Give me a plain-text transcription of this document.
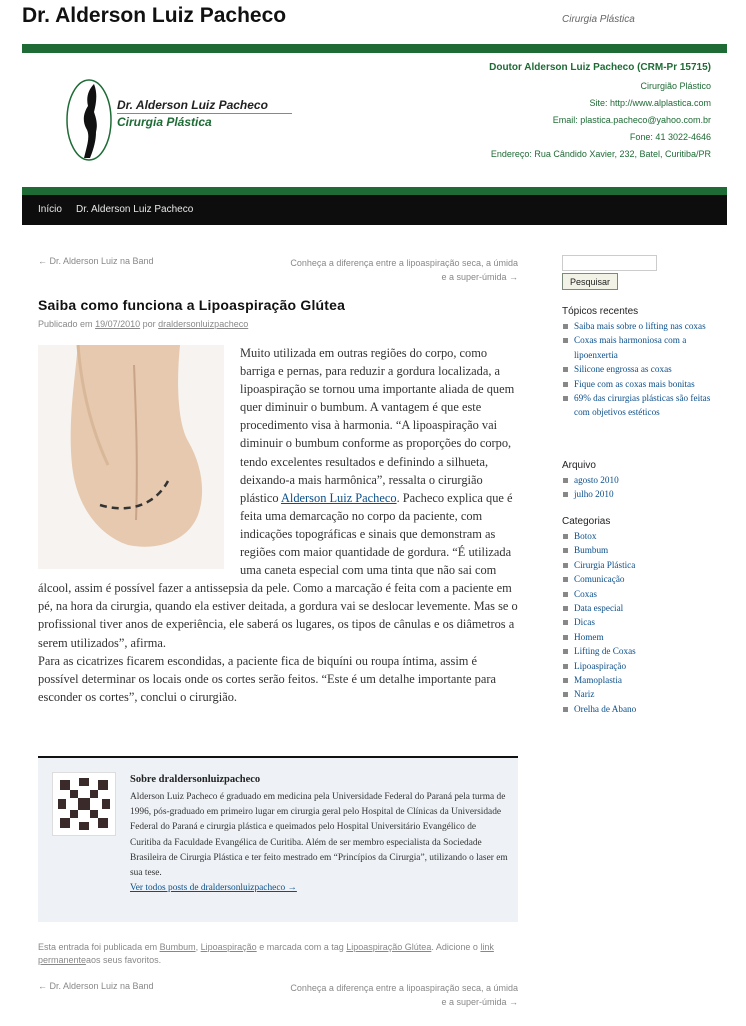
Dr. Alderson Luiz Pacheco	Cirurgia Plástica
Dr. Alderson Luiz Pacheco
Cirurgia Plástica
Doutor Alderson Luiz Pacheco (CRM-Pr 15715)
Cirurgião Plástico
Site: http://www.alplastica.com
Email: plastica.pacheco@yahoo.com.br
Fone: 41 3022-4646
Endereço: Rua Cândido Xavier, 232, Batel, Curitiba/PR
Início Dr. Alderson Luiz Pacheco
← Dr. Alderson Luiz na Band	Conheça a diferença entre a lipoaspiração seca, a úmida
e a super-úmida →
Saiba como funciona a Lipoaspiração Glútea
Publicado em 19/07/2010 por draldersonluizpacheco
Muito utilizada em outras regiões do corpo, como barriga e pernas, para reduzir a gordura localizada, a lipoaspiração se tornou uma importante aliada de quem quer diminuir o bumbum. A vantagem é que este procedimento visa à harmonia. “A lipoaspiração vai diminuir o bumbum conforme as proporções do corpo, tendo excelentes resultados e definindo a silhueta, deixando-a mais harmônica”, ressalta o cirurgião plástico Alderson Luiz Pacheco. Pacheco explica que é feita uma demarcação no corpo da paciente, com indicações topográficas e sinais que demonstram as regiões com maior quantidade de gordura. “É utilizada uma caneta especial com uma tinta que não sai com álcool, assim é possível fazer a antissepsia da pele. Como a marcação é feita com a paciente em pé, na hora da cirurgia, quando ela estiver deitada, a gordura vai se deslocar levemente. Mas se o profissional tiver anos de experiência, ele saberá os lugares, os tipos de cânulas e os diâmetros a serem utilizados”, afirma.
Para as cicatrizes ficarem escondidas, a paciente fica de biquíni ou roupa íntima, assim é possível determinar os locais onde os cortes serão feitos. “Este é um detalhe importante para esconder os cortes”, conclui o cirurgião.
Sobre draldersonluizpacheco
Alderson Luiz Pacheco é graduado em medicina pela Universidade Federal do Paraná pela turma de 1996, pós-graduado em primeiro lugar em cirurgia geral pelo Hospital de Clínicas da Universidade Federal do Paraná e cirurgia plástica e queimados pelo Hospital Universitário Evangélico de Curitiba da Faculdade Evangélica de Curitiba. Além de ser membro especialista da Sociedade Brasileira de Cirurgia Plástica e ter feito mestrado em “Princípios da Cirurgia”, utilizando o laser em sua tese.
Ver todos posts de draldersonluizpacheco →
Esta entrada foi publicada em Bumbum, Lipoaspiração e marcada com a tag Lipoaspiração Glútea. Adicione o link permanenteaos seus favoritos.
← Dr. Alderson Luiz na Band	Conheça a diferença entre a lipoaspiração seca, a úmida
e a super-úmida →
Pesquisar
Tópicos recentes
Saiba mais sobre o lifting nas coxas
Coxas mais harmoniosa com a lipoenxertia
Silicone engrossa as coxas
Fique com as coxas mais bonitas
69% das cirurgias plásticas são feitas com objetivos estéticos
Arquivo
agosto 2010
julho 2010
Categorias
Botox
Bumbum
Cirurgia Plástica
Comunicação
Coxas
Data especial
Dicas
Homem
Lifting de Coxas
Lipoaspiração
Mamoplastia
Nariz
Orelha de Abano
